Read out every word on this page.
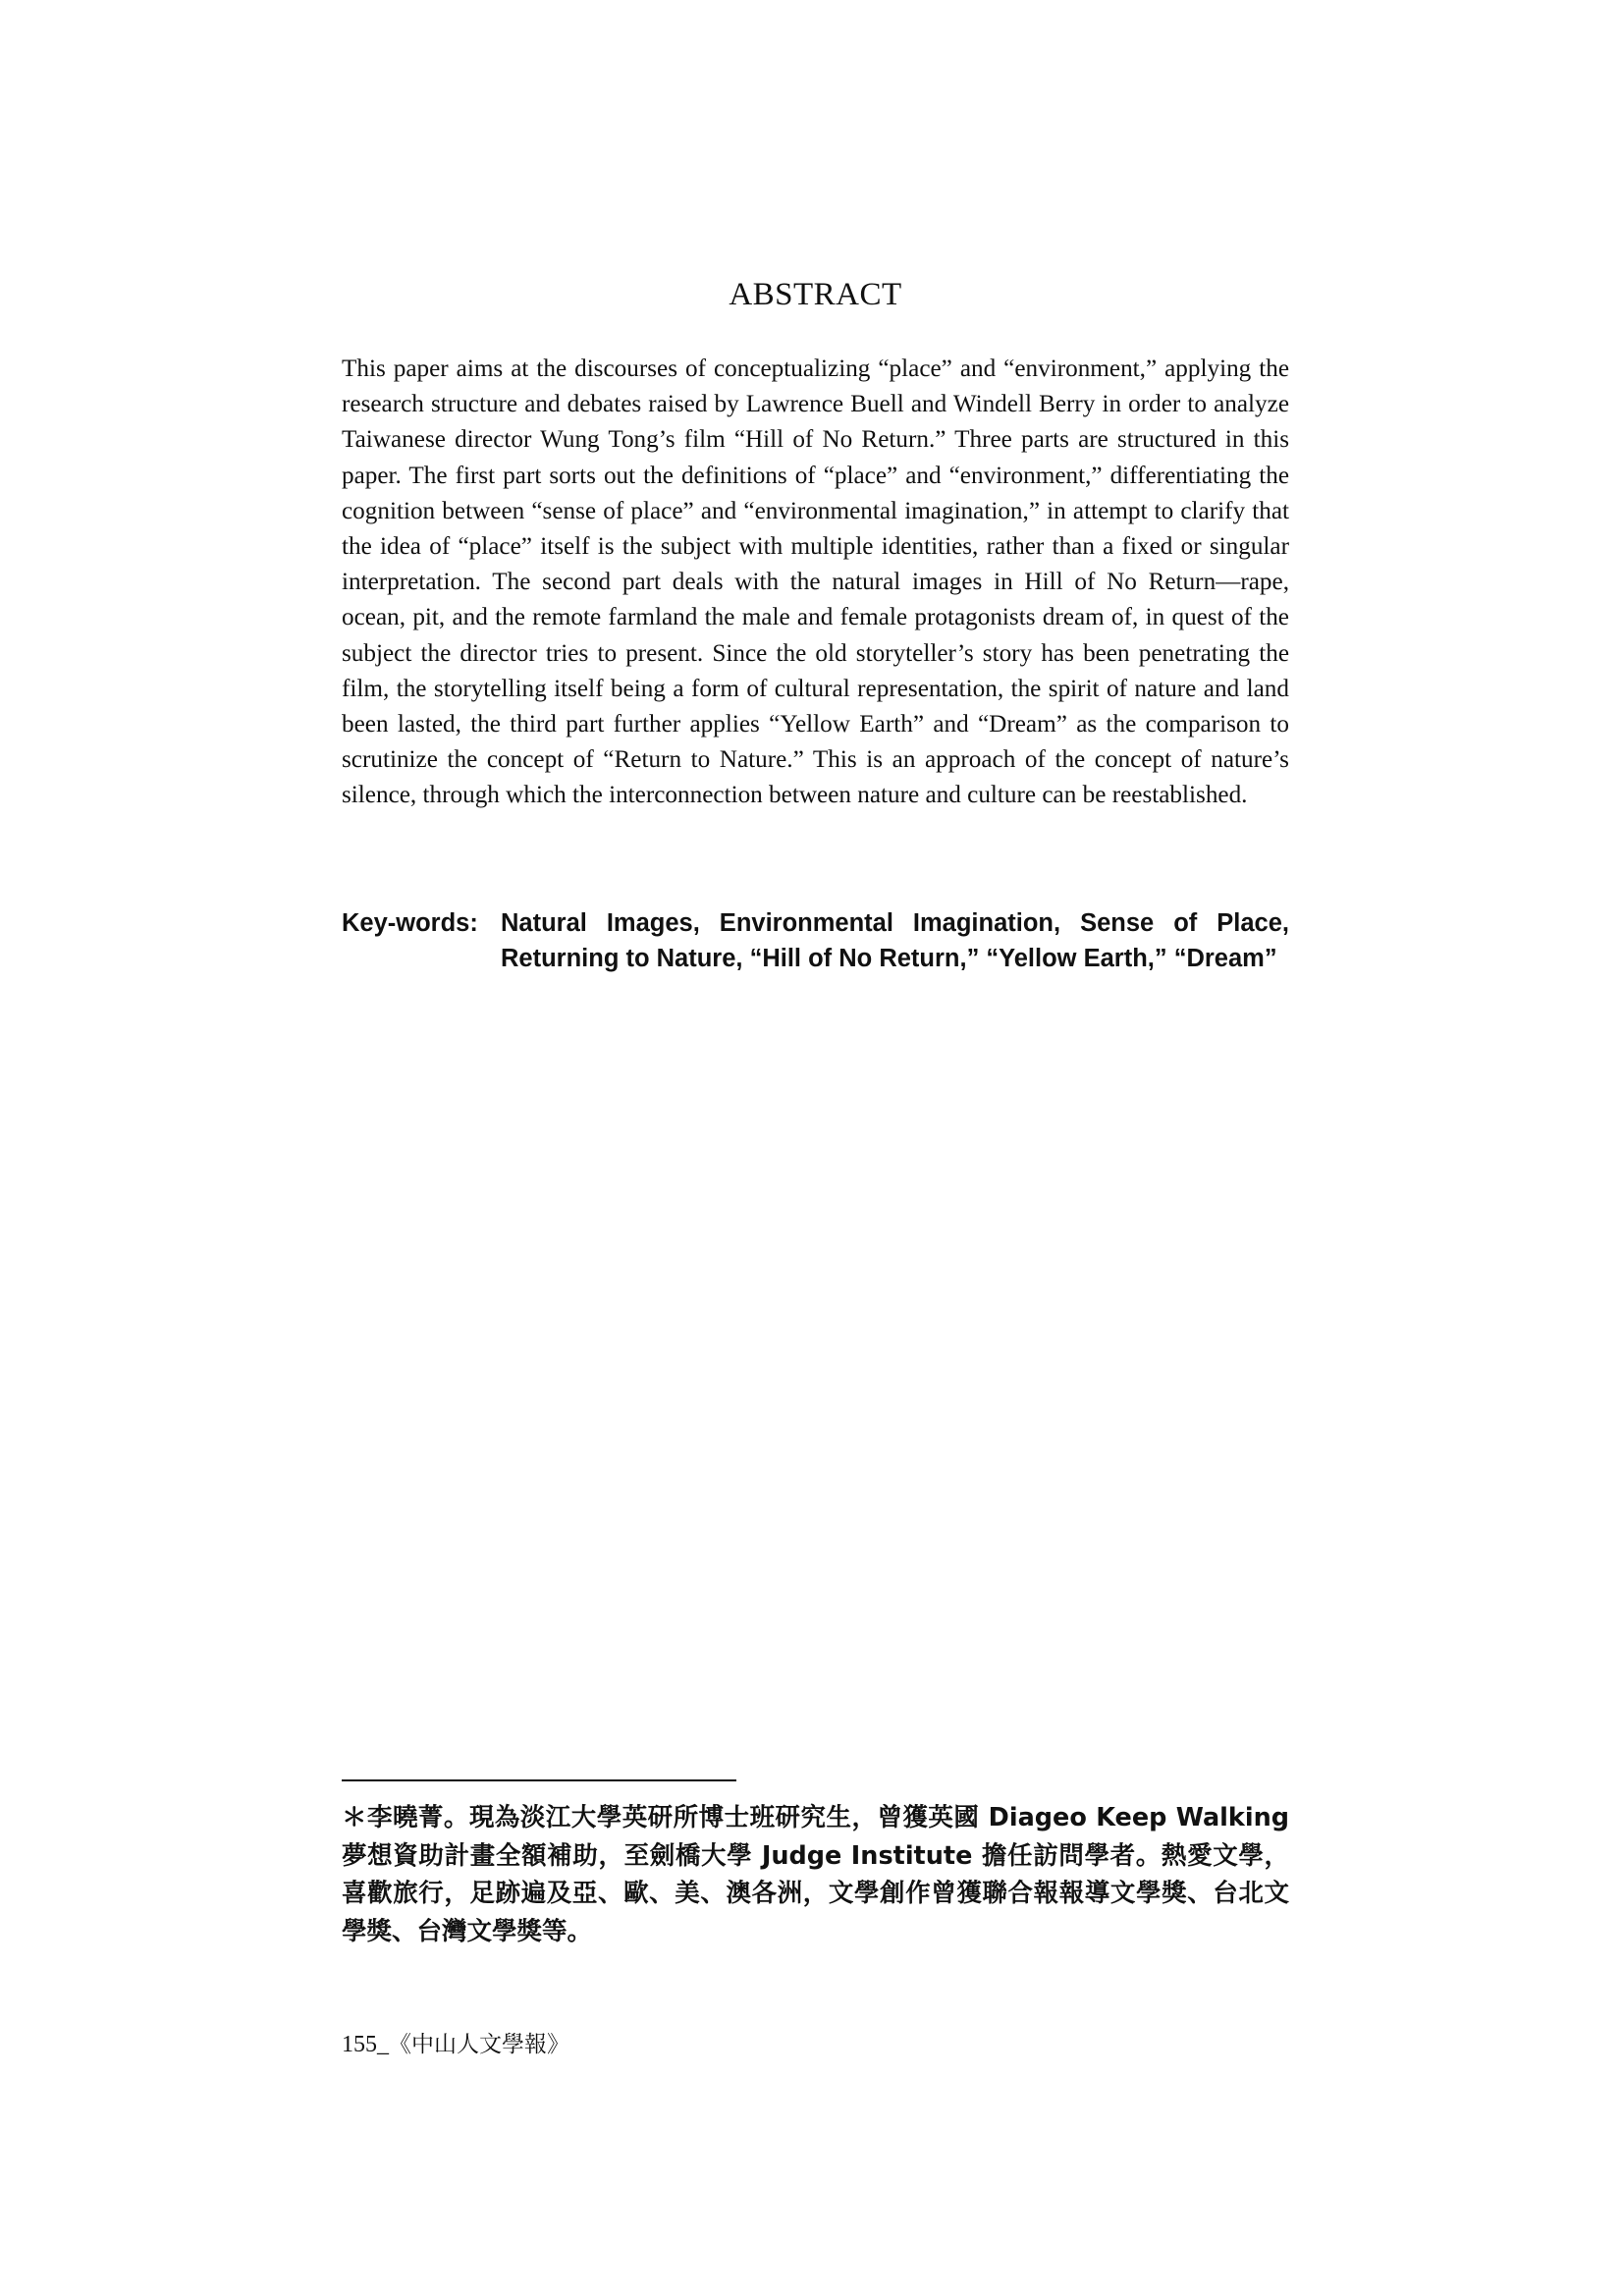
ABSTRACT

This paper aims at the discourses of conceptualizing “place” and “environment,” applying the research structure and debates raised by Lawrence Buell and Windell Berry in order to analyze Taiwanese director Wung Tong’s film “Hill of No Return.” Three parts are structured in this paper. The first part sorts out the definitions of “place” and “environment,” differentiating the cognition between “sense of place” and “environmental imagination,” in attempt to clarify that the idea of “place” itself is the subject with multiple identities, rather than a fixed or singular interpretation. The second part deals with the natural images in Hill of No Return—rape, ocean, pit, and the remote farmland the male and female protagonists dream of, in quest of the subject the director tries to present. Since the old storyteller’s story has been penetrating the film, the storytelling itself being a form of cultural representation, the spirit of nature and land been lasted, the third part further applies “Yellow Earth” and “Dream” as the comparison to scrutinize the concept of “Return to Nature.” This is an approach of the concept of nature’s silence, through which the interconnection between nature and culture can be reestablished.

Key-words: Natural Images, Environmental Imagination, Sense of Place, Returning to Nature, “Hill of No Return,” “Yellow Earth,” “Dream”

＊李曉菁。現為淡江大學英研所博士班研究生，曾獲英國 Diageo Keep Walking 夢想資助計畫全額補助，至劍橋大學 Judge Institute 擔任訪問學者。熱愛文學，喜歡旅行，足跡遍及亞、歐、美、澳各洲，文學創作曾獲聯合報報導文學獎、台北文學獎、台灣文學獎等。

155_《中山人文學報》
